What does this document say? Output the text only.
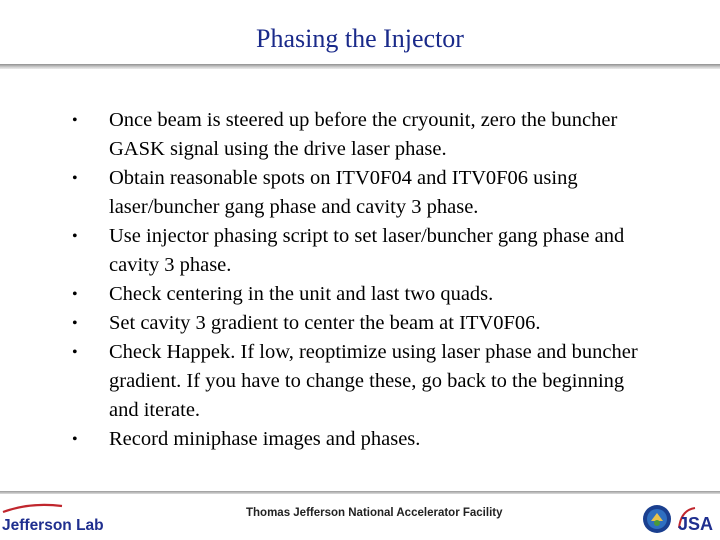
Phasing the Injector
• Once beam is steered up before the cryounit, zero the buncher GASK signal using the drive laser phase.
• Obtain reasonable spots on ITV0F04 and ITV0F06 using laser/buncher gang phase and cavity 3 phase.
• Use injector phasing script to set laser/buncher gang phase and cavity 3 phase.
• Check centering in the unit and last two quads.
• Set cavity 3 gradient to center the beam at ITV0F06.
• Check Happek. If low, reoptimize using laser phase and buncher gradient. If you have to change these, go back to the beginning and iterate.
• Record miniphase images and phases.
Jefferson Lab
Thomas Jefferson National Accelerator Facility
JSA
